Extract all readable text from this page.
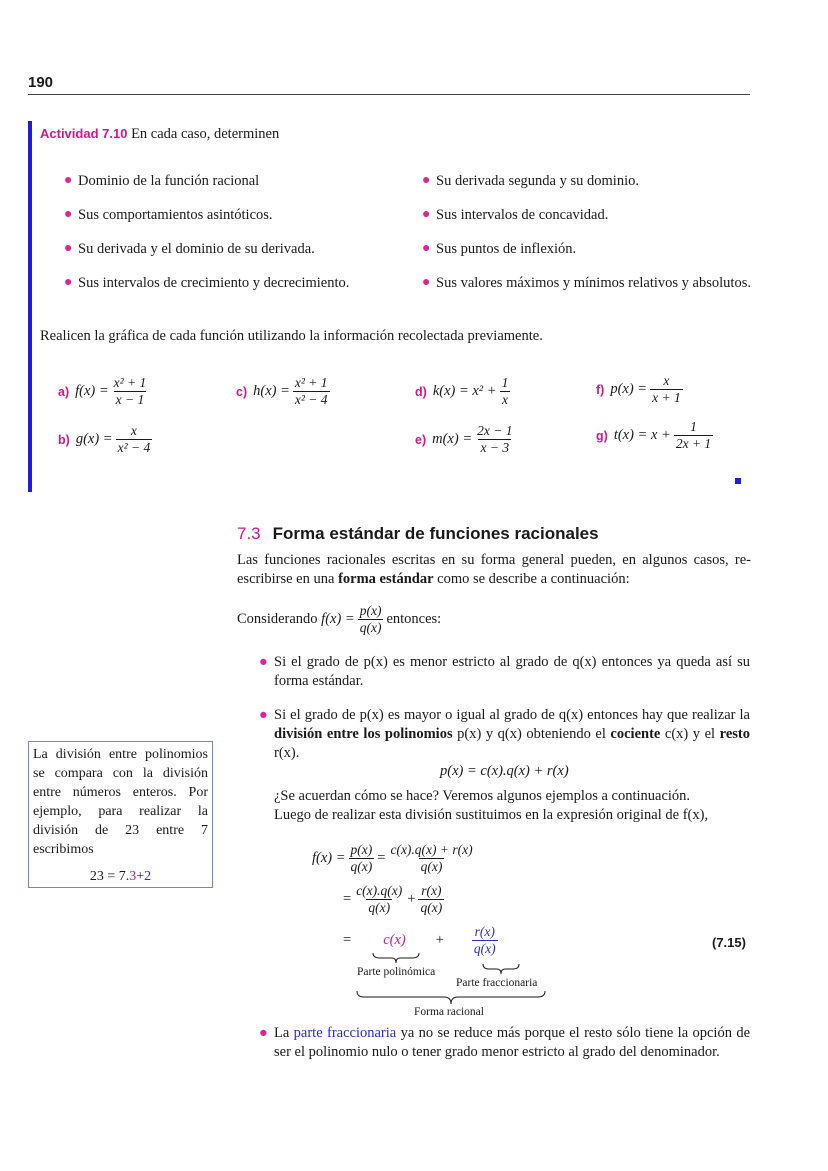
190
Actividad 7.10 En cada caso, determinen
● Dominio de la función racional
● Sus comportamientos asintóticos.
● Su derivada y el dominio de su derivada.
● Sus intervalos de crecimiento y decrecimiento.
● Su derivada segunda y su dominio.
● Sus intervalos de concavidad.
● Sus puntos de inflexión.
● Sus valores máximos y mínimos relativos y absolutos.
Realicen la gráfica de cada función utilizando la información recolectada previamente.
a) $f(x) = \frac{\text{x² + 1}}{x - 1}$
b) $g(x) = \frac{x}{\text{x² − 4}}$
c) $h(x) = \frac{\text{x² + 1}}{\text{x² − 4}}$	d) $k(x) = x^2 + \frac{1}{x}$
e) $m(x) = \frac{2x - 1}{x - 3}$
f) $p(x) = \frac{x}{x + 1}$
g) $t(x) = x + \frac{1}{2x + 1}$
7.3 Forma estándar de funciones racionales
Las funciones racionales escritas en su forma general pueden, en algunos casos, re-escribirse en una forma estándar como se describe a continuación:
Considerando
$f(x) = \frac{p(x)}{q(x)}$ entonces:
● Si el grado de p(x) es menor estricto al grado de q(x) entonces ya queda así su forma estándar.
● Si el grado de p(x) es mayor o igual al grado de q(x) entonces hay que realizar la división entre los polinomios p(x) y q(x) obteniendo el cociente c(x) y el resto r(x).
p(x) = c(x).q(x) + r(x)
¿Se acuerdan cómo se hace? Veremos algunos ejemplos a continuación.
Luego de realizar esta división sustituimos en la expresión original de f(x),
La división entre polinomios se compara con la división entre números enteros. Por ejemplo, para realizar la división de 23 entre 7 escribimos
23 = 7.3+2
$f(x) = \frac{p(x)}{q(x)} = \frac{c(x).q(x) + r(x)}{q(x)}$
= $\frac{c(x).q(x)}{q(x)} + \frac{r(x)}{q(x)}$
= $c(x) + \frac{r(x)}{q(x)}$
Parte polinómica
Parte fraccionaria
Forma racional
(7.15)
● La parte fraccionaria ya no se reduce más porque el resto sólo tiene la opción de ser el polinomio nulo o tener grado menor estricto al grado del denominador.
